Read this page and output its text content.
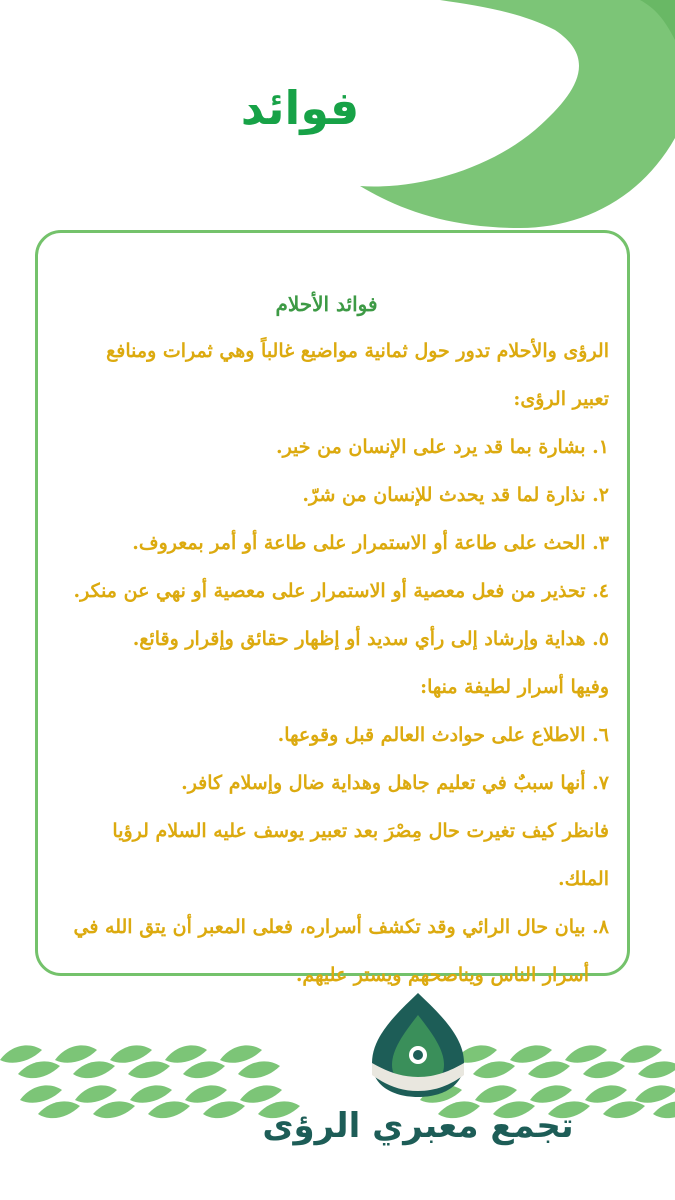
فوائد
فوائد الأحلام
الرؤى والأحلام تدور حول ثمانية مواضيع غالباً وهي ثمرات ومنافع
تعبير الرؤى:
١. بشارة بما قد يرد على الإنسان من خير.
٢. نذارة لما قد يحدث للإنسان من شرّ.
٣. الحث على طاعة أو الاستمرار على طاعة أو أمر بمعروف.
٤. تحذير من فعل معصية أو الاستمرار على معصية أو نهي عن منكر.
٥. هداية وإرشاد إلى رأي سديد أو إظهار حقائق وإقرار وقائع.
وفيها أسرار لطيفة منها:
٦. الاطلاع على حوادث العالم قبل وقوعها.
٧. أنها سببٌ في تعليم جاهل وهداية ضال وإسلام كافر.
فانظر كيف تغيرت حال مِصْرَ بعد تعبير يوسف عليه السلام لرؤيا
الملك.
٨. بيان حال الرائي وقد تكشف أسراره، فعلى المعبر أن يتق الله في
أسرار الناس ويناصحهم ويستر عليهم.
تجمع معبري الرؤى
